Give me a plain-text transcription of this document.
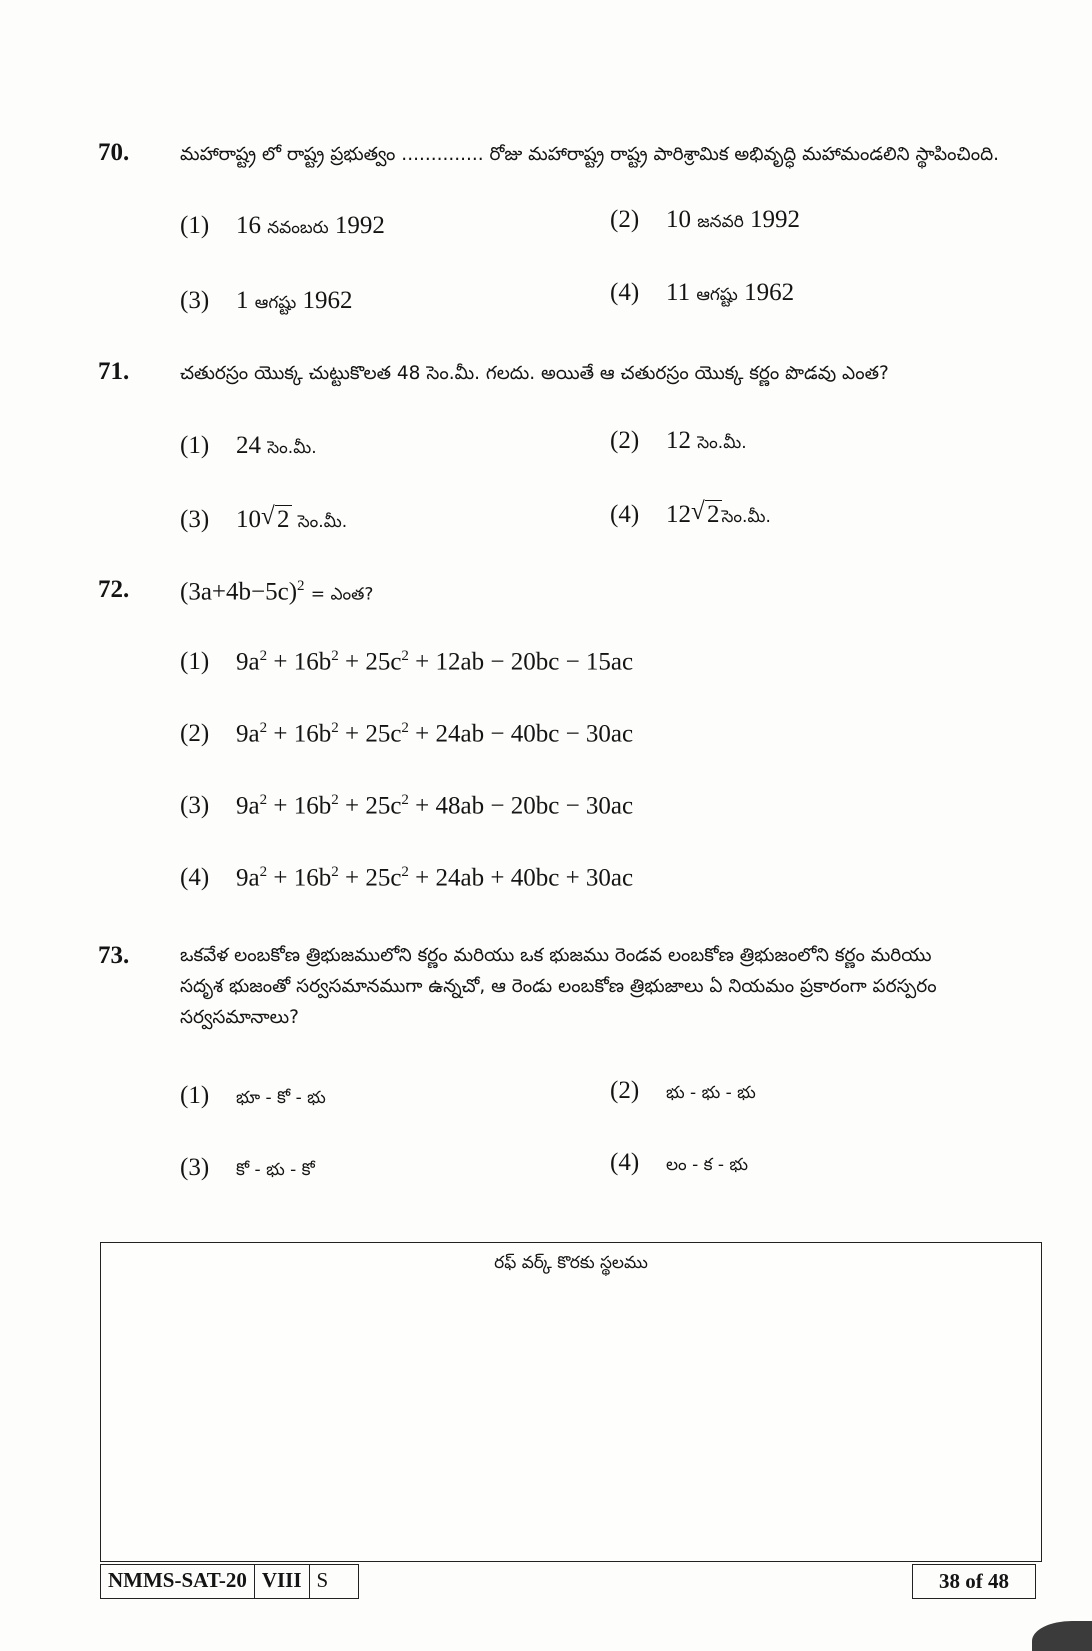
70.	మహారాష్ట్ర లో రాష్ట్ర ప్రభుత్వం .............. రోజు మహారాష్ట్ర రాష్ట్ర పారిశ్రామిక అభివృద్ధి మహామండలిని స్థాపించింది.
(1) 16 నవంబరు 1992	(2) 10 జనవరి 1992
(3) 1 ఆగష్టు 1962	(4) 11 ఆగష్టు 1962
71.	చతురస్రం యొక్క చుట్టుకొలత 48 సెం.మీ. గలదు. అయితే ఆ చతురస్రం యొక్క కర్ణం పొడవు ఎంత?
(1) 24 సెం.మీ.	(2) 12 సెం.మీ.
(3) 10 √ 2 సెం.మీ.	(4) 12 √ 2 సెం.మీ.
72. $(3a+4b-5c)^2$ = ఎంత?
(1) $9a^2 + 16b^2 + 25c^2 + 12ab - 20bc - 15ac$
(2) $9a^2 + 16b^2 + 25c^2 + 24ab - 40bc - 30ac$
(3) $9a^2 + 16b^2 + 25c^2 + 48ab - 20bc - 30ac$
(4) $9a^2 + 16b^2 + 25c^2 + 24ab + 40bc + 30ac$
73.	ఒకవేళ లంబకోణ త్రిభుజములోని కర్ణం మరియు ఒక భుజము రెండవ లంబకోణ త్రిభుజంలోని కర్ణం మరియు
సదృశ భుజంతో సర్వసమానముగా ఉన్నచో, ఆ రెండు లంబకోణ త్రిభుజాలు ఏ నియమం ప్రకారంగా పరస్పరం
సర్వసమానాలు?
(1) భూ - కో - భు	(2) భు - భు - భు
(3) కో - భు - కో	(4) లం - క - భు
రఫ్ వర్క్ కొరకు స్థలము
NMMS-SAT-20 VIII S	38 of 48
